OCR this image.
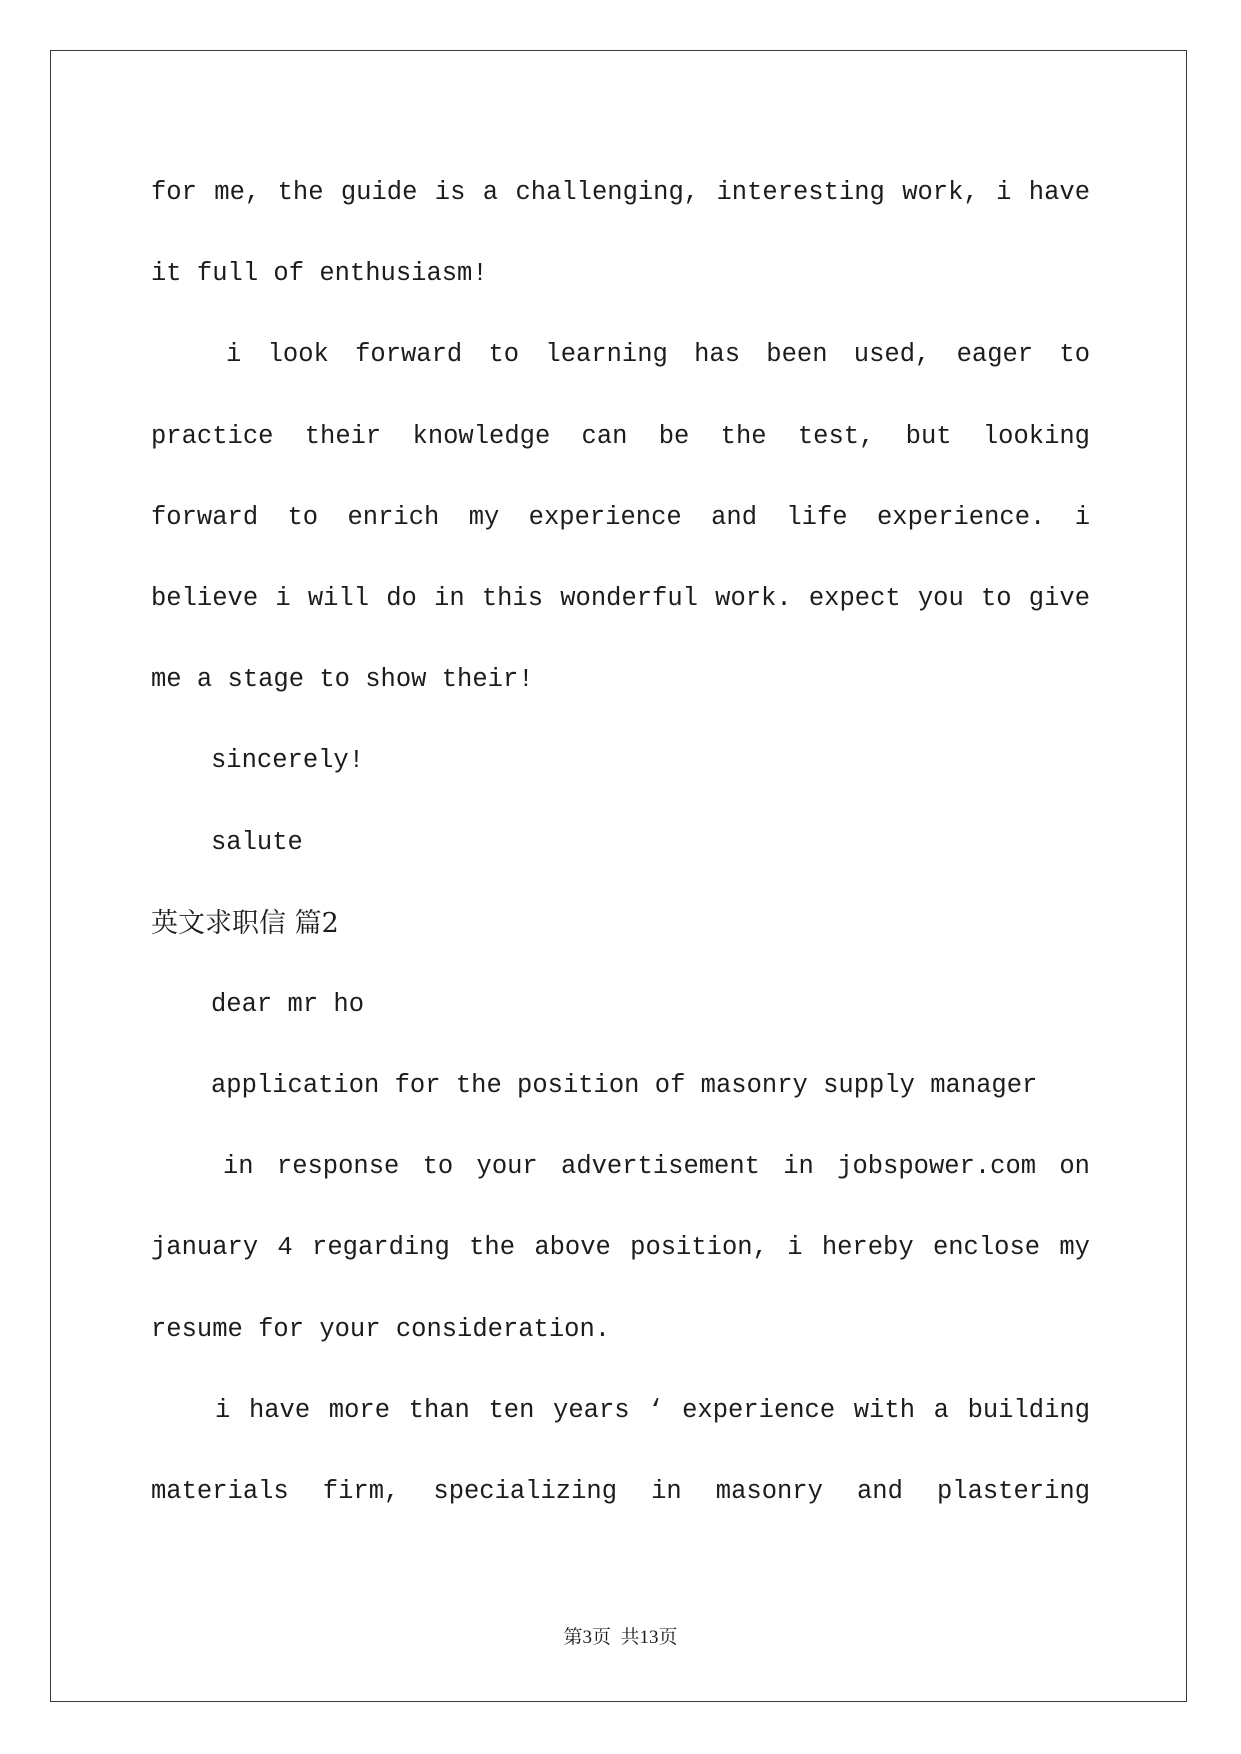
for me, the guide is a challenging, interesting work, i have
it full of enthusiasm!
i look forward to learning has been used, eager to
practice their knowledge can be the test, but looking
forward to enrich my experience and life experience. i
believe i will do in this wonderful work. expect you to give
me a stage to show their!
sincerely!
salute
英文求职信 篇2
dear mr ho
application for the position of masonry supply manager
in response to your advertisement in jobspower.com on
january 4 regarding the above position, i hereby enclose my
resume for your consideration.
i have more than ten years ‘ experience with a building
materials firm, specializing in masonry and plastering
第3页  共13页
